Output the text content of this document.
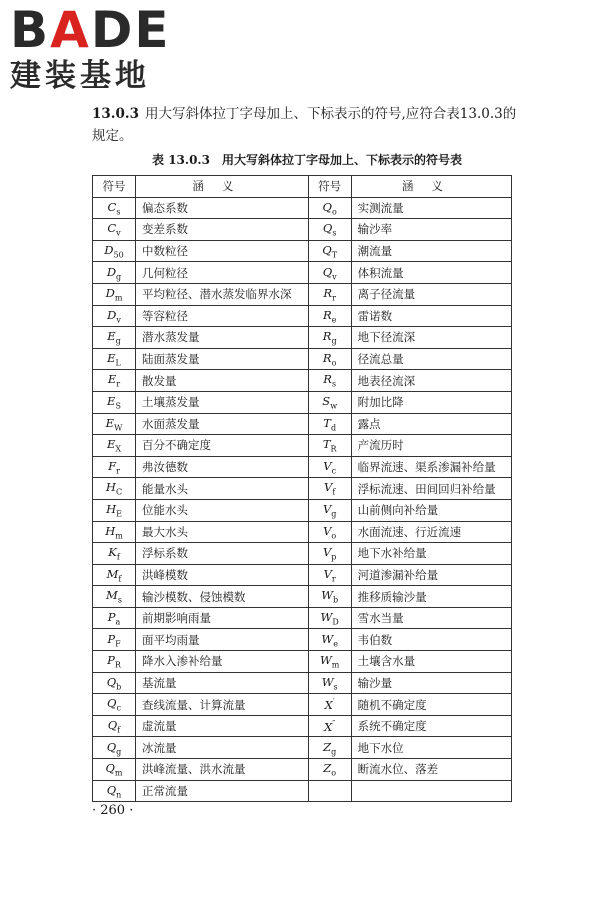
BADE
建装基地
13.0.3 用大写斜体拉丁字母加上、下标表示的符号,应符合表13.0.3的规定。
表 13.0.3　用大写斜体拉丁字母加上、下标表示的符号表
符号	涵义	符号	涵义
$C_s$	偏态系数	$Q_o$	实测流量
$C_v$	变差系数	$Q_s$	输沙率
$D_{50}$	中数粒径	$Q_T$	潮流量
$D_g$	几何粒径	$Q_v$	体积流量
$D_m$	平均粒径、潜水蒸发临界水深	$R_r$	离子径流量
$D_v$	等容粒径	$R_e$	雷诺数
$E_g$	潜水蒸发量	$R_g$	地下径流深
$E_L$	陆面蒸发量	$R_o$	径流总量
$E_r$	散发量	$R_s$	地表径流深
$E_S$	土壤蒸发量	$S_w$	附加比降
$E_W$	水面蒸发量	$T_d$	露点
$E_X$	百分不确定度	$T_R$	产流历时
$F_r$	弗汝德数	$V_c$	临界流速、渠系渗漏补给量
$H_C$	能量水头	$V_f$	浮标流速、田间回归补给量
$H_E$	位能水头	$V_g$	山前侧向补给量
$H_m$	最大水头	$V_o$	水面流速、行近流速
$K_f$	浮标系数	$V_p$	地下水补给量
$M_f$	洪峰模数	$V_r$	河道渗漏补给量
$M_s$	输沙模数、侵蚀模数	$W_b$	推移质输沙量
$P_a$	前期影响雨量	$W_D$	雪水当量
$P_F$	面平均雨量	$W_e$	韦伯数
$P_R$	降水入渗补给量	$W_m$	土壤含水量
$Q_b$	基流量	$W_s$	输沙量
$Q_c$	查线流量、计算流量	X′	随机不确定度
$Q_f$	虚流量	X″	系统不确定度
$Q_g$	冰流量	$Z_g$	地下水位
$Q_m$	洪峰流量、洪水流量	$Z_o$	断流水位、落差
$Q_n$	正常流量		
· 260 ·
